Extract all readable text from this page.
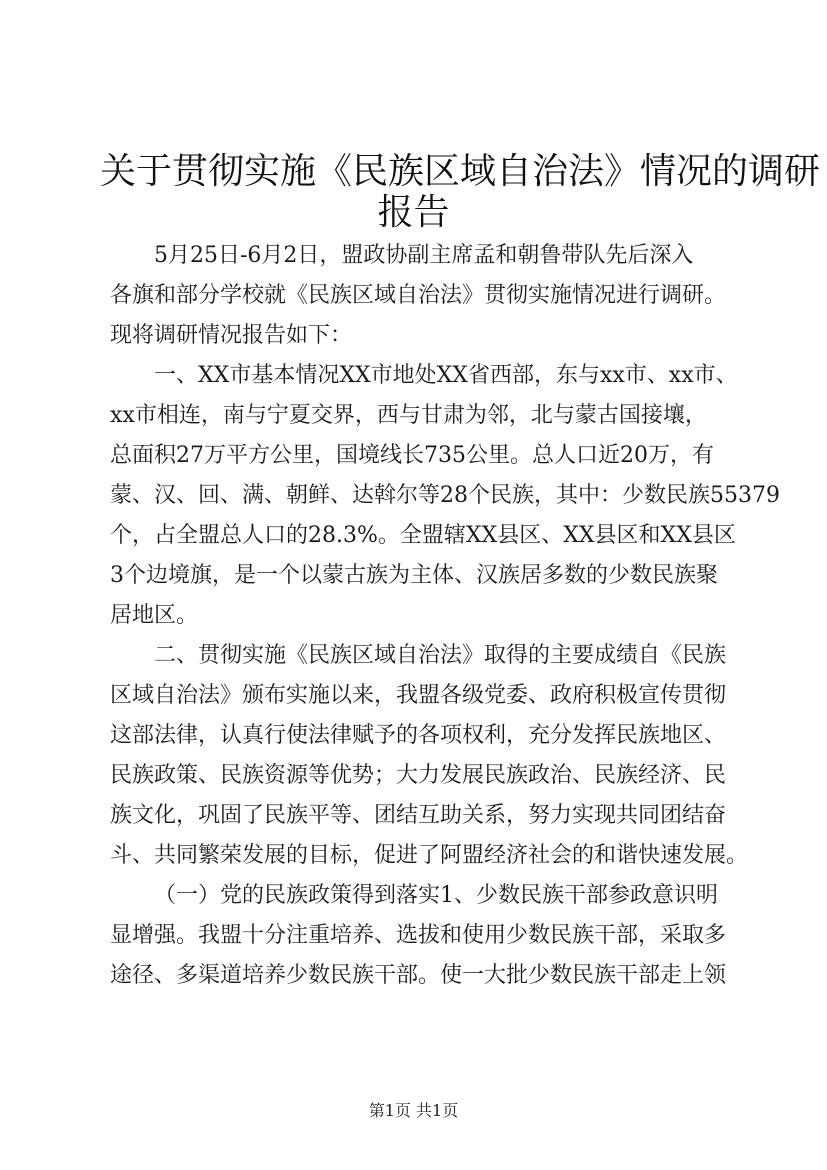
关于贯彻实施《民族区域自治法》情况的调研
报告
5月25日-6月2日，盟政协副主席孟和朝鲁带队先后深入
各旗和部分学校就《民族区域自治法》贯彻实施情况进行调研。
现将调研情况报告如下：
一、XX市基本情况XX市地处XX省西部，东与xx市、xx市、
xx市相连，南与宁夏交界，西与甘肃为邻，北与蒙古国接壤，
总面积27万平方公里，国境线长735公里。总人口近20万，有
蒙、汉、回、满、朝鲜、达斡尔等28个民族，其中：少数民族55379
个，占全盟总人口的28.3%。全盟辖XX县区、XX县区和XX县区
3个边境旗，是一个以蒙古族为主体、汉族居多数的少数民族聚
居地区。
二、贯彻实施《民族区域自治法》取得的主要成绩自《民族
区域自治法》颁布实施以来，我盟各级党委、政府积极宣传贯彻
这部法律，认真行使法律赋予的各项权利，充分发挥民族地区、
民族政策、民族资源等优势；大力发展民族政治、民族经济、民
族文化，巩固了民族平等、团结互助关系，努力实现共同团结奋
斗、共同繁荣发展的目标，促进了阿盟经济社会的和谐快速发展。
（一）党的民族政策得到落实1、少数民族干部参政意识明
显增强。我盟十分注重培养、选拔和使用少数民族干部，采取多
途径、多渠道培养少数民族干部。使一大批少数民族干部走上领
第1页 共1页
